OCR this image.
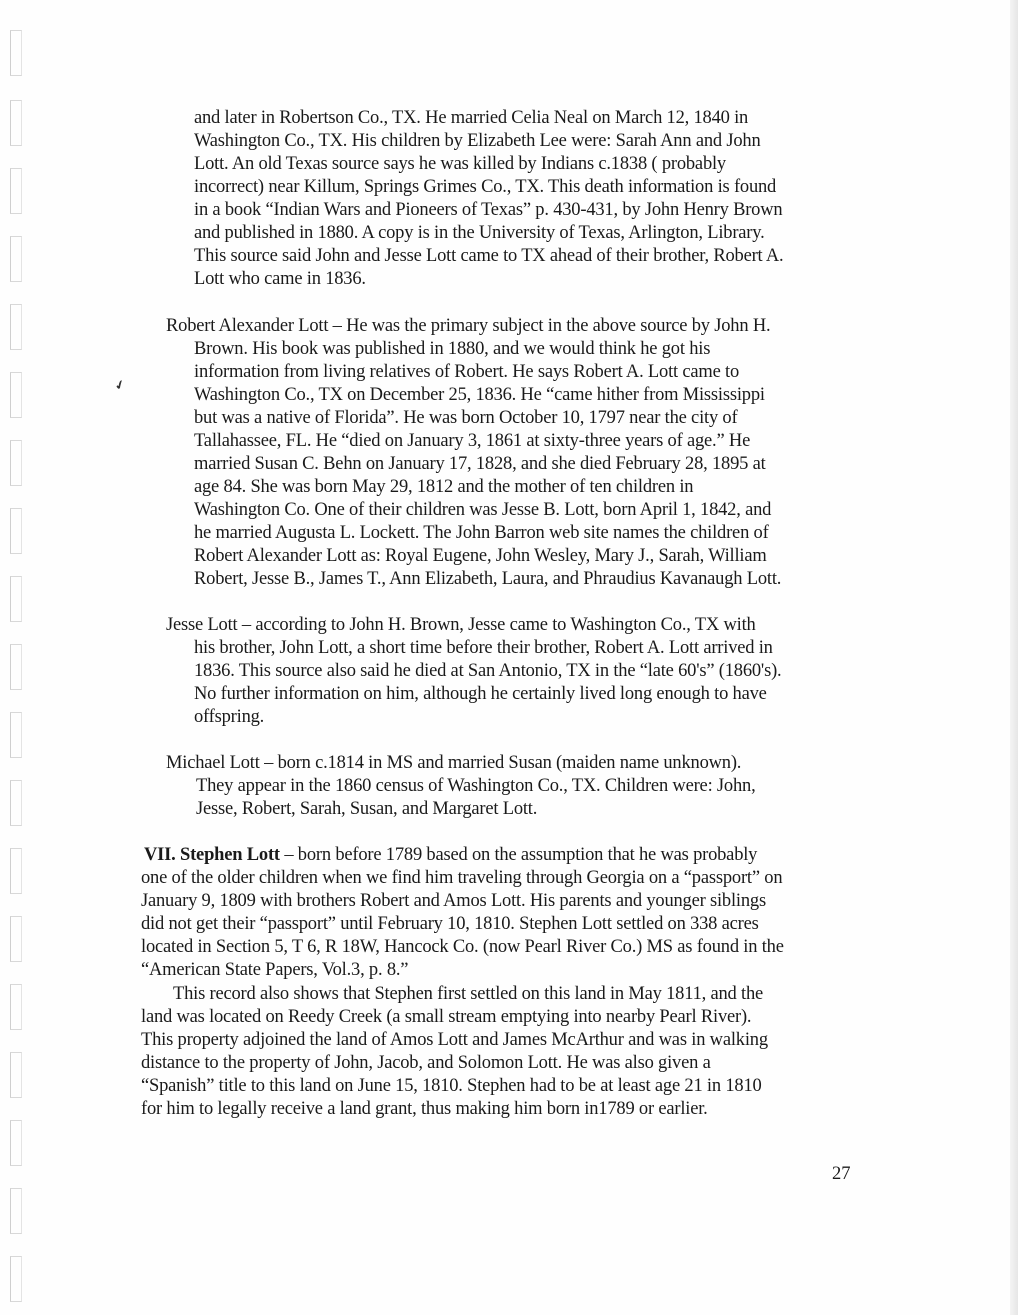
✔
and later in Robertson Co., TX. He married Celia Neal on March 12, 1840 in
Washington Co., TX. His children by Elizabeth Lee were: Sarah Ann and John
Lott. An old Texas source says he was killed by Indians c.1838 ( probably
incorrect) near Killum, Springs Grimes Co., TX. This death information is found
in a book “Indian Wars and Pioneers of Texas” p. 430-431, by John Henry Brown
and published in 1880. A copy is in the University of Texas, Arlington, Library.
This source said John and Jesse Lott came to TX ahead of their brother, Robert A.
Lott who came in 1836.
Robert Alexander Lott – He was the primary subject in the above source by John H.
Brown. His book was published in 1880, and we would think he got his
information from living relatives of Robert. He says Robert A. Lott came to
Washington Co., TX on December 25, 1836. He “came hither from Mississippi
but was a native of Florida”. He was born October 10, 1797 near the city of
Tallahassee, FL. He “died on January 3, 1861 at sixty-three years of age.” He
married Susan C. Behn on January 17, 1828, and she died February 28, 1895 at
age 84. She was born May 29, 1812 and the mother of ten children in
Washington Co. One of their children was Jesse B. Lott, born April 1, 1842, and
he married Augusta L. Lockett. The John Barron web site names the children of
Robert Alexander Lott as: Royal Eugene, John Wesley, Mary J., Sarah, William
Robert, Jesse B., James T., Ann Elizabeth, Laura, and Phraudius Kavanaugh Lott.
Jesse Lott – according to John H. Brown, Jesse came to Washington Co., TX with
his brother, John Lott, a short time before their brother, Robert A. Lott arrived in
1836. This source also said he died at San Antonio, TX in the “late 60's” (1860's).
No further information on him, although he certainly lived long enough to have
offspring.
Michael Lott – born c.1814 in MS and married Susan (maiden name unknown).
They appear in the 1860 census of Washington Co., TX. Children were: John,
Jesse, Robert, Sarah, Susan, and Margaret Lott.
VII. Stephen Lott – born before 1789 based on the assumption that he was probably
one of the older children when we find him traveling through Georgia on a “passport” on
January 9, 1809 with brothers Robert and Amos Lott. His parents and younger siblings
did not get their “passport” until February 10, 1810. Stephen Lott settled on 338 acres
located in Section 5, T 6, R 18W, Hancock Co. (now Pearl River Co.) MS as found in the
“American State Papers, Vol.3, p. 8.”
This record also shows that Stephen first settled on this land in May 1811, and the
land was located on Reedy Creek (a small stream emptying into nearby Pearl River).
This property adjoined the land of Amos Lott and James McArthur and was in walking
distance to the property of John, Jacob, and Solomon Lott. He was also given a
“Spanish” title to this land on June 15, 1810. Stephen had to be at least age 21 in 1810
for him to legally receive a land grant, thus making him born in1789 or earlier.
27
